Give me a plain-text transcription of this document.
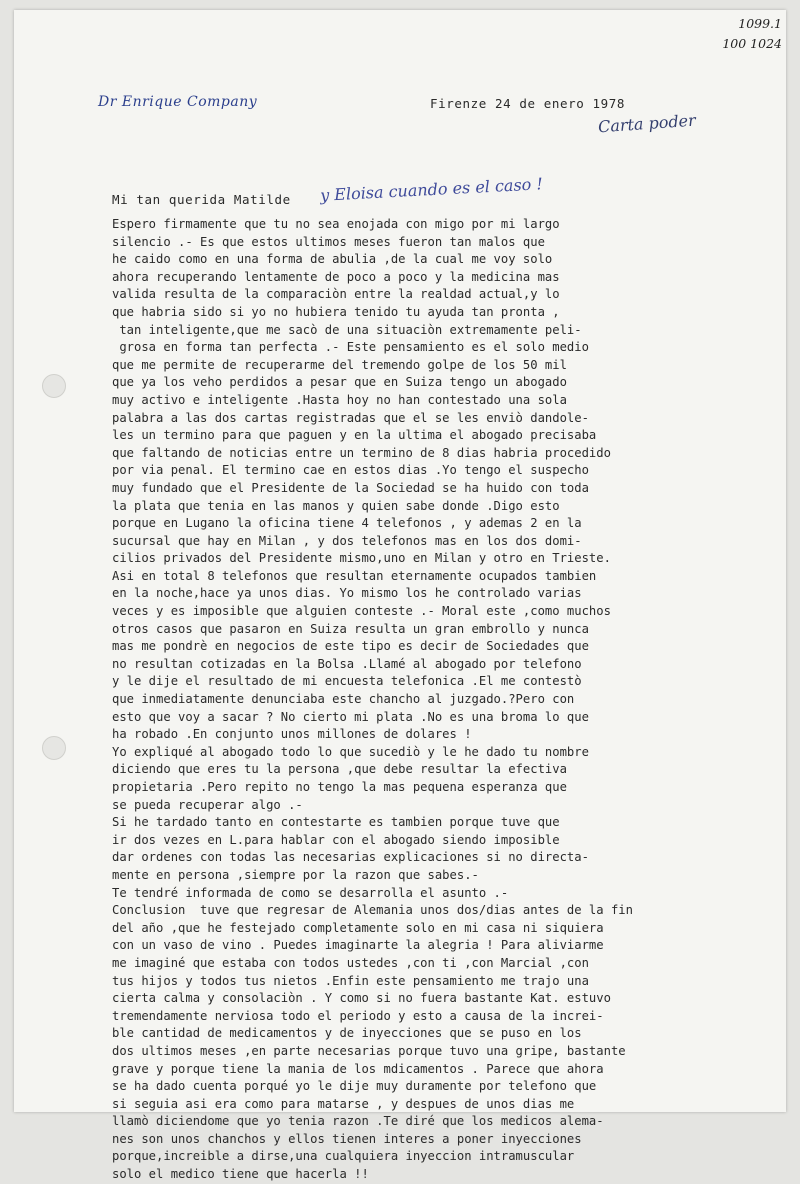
1099.1
100 1024
Dr Enrique Company	Firenze 24 de enero 1978
Carta poder
Mi tan querida Matilde y Eloisa cuando es el caso !
Espero firmamente que tu no sea enojada con migo por mi largo
silencio .- Es que estos ultimos meses fueron tan malos que
he caido como en una forma de abulia ,de la cual me voy solo
ahora recuperando lentamente de poco a poco y la medicina mas
valida resulta de la comparaciòn entre la realdad actual,y lo
que habria sido si yo no hubiera tenido tu ayuda tan pronta ,
tan inteligente,que me sacò de una situaciòn extremamente peli-
grosa en forma tan perfecta .- Este pensamiento es el solo medio
que me permite de recuperarme del tremendo golpe de los 50 mil
que ya los veho perdidos a pesar que en Suiza tengo un abogado
muy activo e inteligente .Hasta hoy no han contestado una sola
palabra a las dos cartas registradas que el se les enviò dandole-
les un termino para que paguen y en la ultima el abogado precisaba
que faltando de noticias entre un termino de 8 dias habria procedido
por via penal. El termino cae en estos dias .Yo tengo el suspecho
muy fundado que el Presidente de la Sociedad se ha huido con toda
la plata que tenia en las manos y quien sabe donde .Digo esto
porque en Lugano la oficina tiene 4 telefonos , y ademas 2 en la
sucursal que hay en Milan , y dos telefonos mas en los dos domi-
cilios privados del Presidente mismo,uno en Milan y otro en Trieste.
Asi en total 8 telefonos que resultan eternamente ocupados tambien
en la noche,hace ya unos dias. Yo mismo los he controlado varias
veces y es imposible que alguien conteste .- Moral este ,como muchos
otros casos que pasaron en Suiza resulta un gran embrollo y nunca
mas me pondrè en negocios de este tipo es decir de Sociedades que
no resultan cotizadas en la Bolsa .Llamé al abogado por telefono
y le dije el resultado de mi encuesta telefonica .El me contestò
que inmediatamente denunciaba este chancho al juzgado.?Pero con
esto que voy a sacar ? No cierto mi plata .No es una broma lo que
ha robado .En conjunto unos millones de dolares !
Yo expliqué al abogado todo lo que sucediò y le he dado tu nombre
diciendo que eres tu la persona ,que debe resultar la efectiva
propietaria .Pero repito no tengo la mas pequena esperanza que
se pueda recuperar algo .-
Si he tardado tanto en contestarte es tambien porque tuve que
ir dos vezes en L.para hablar con el abogado siendo imposible
dar ordenes con todas las necesarias explicaciones si no directa-
mente en persona ,siempre por la razon que sabes.-
Te tendré informada de como se desarrolla el asunto .-
Conclusion  tuve que regresar de Alemania unos dos/dias antes de la fin
del año ,que he festejado completamente solo en mi casa ni siquiera
con un vaso de vino . Puedes imaginarte la alegria ! Para aliviarme
me imaginé que estaba con todos ustedes ,con ti ,con Marcial ,con
tus hijos y todos tus nietos .Enfin este pensamiento me trajo una
cierta calma y consolaciòn . Y como si no fuera bastante Kat. estuvo
tremendamente nerviosa todo el periodo y esto a causa de la increi-
ble cantidad de medicamentos y de inyecciones que se puso en los
dos ultimos meses ,en parte necesarias porque tuvo una gripe, bastante
grave y porque tiene la mania de los mdicamentos . Parece que ahora
se ha dado cuenta porqué yo le dije muy duramente por telefono que
si seguia asi era como para matarse , y despues de unos dias me
llamò diciendome que yo tenia razon .Te diré que los medicos alema-
nes son unos chanchos y ellos tienen interes a poner inyecciones
porque,increible a dirse,una cualquiera inyeccion intramuscular
solo el medico tiene que hacerla !!
